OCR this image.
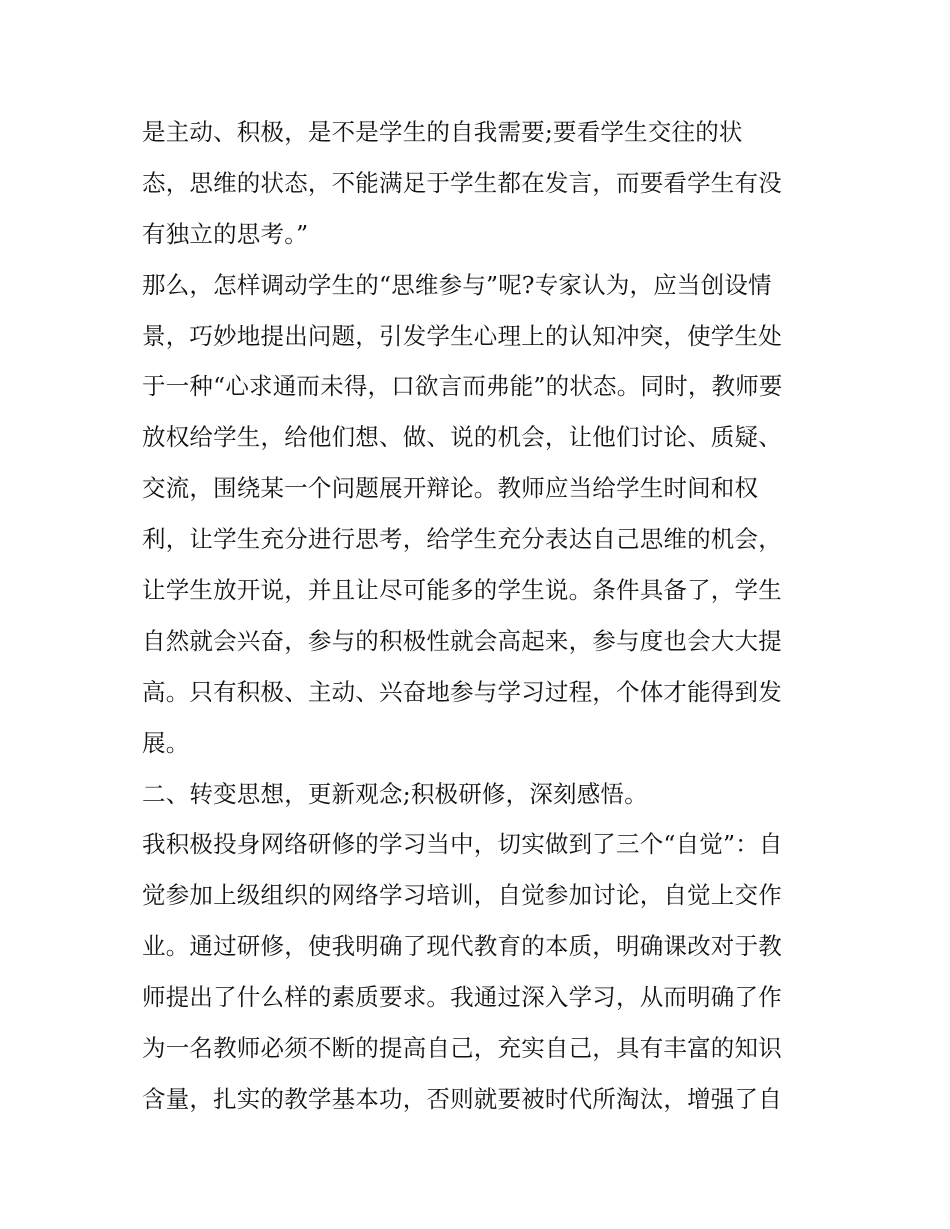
是主动、积极，是不是学生的自我需要;要看学生交往的状
态，思维的状态，不能满足于学生都在发言，而要看学生有没
有独立的思考。”
那么，怎样调动学生的“思维参与”呢?专家认为，应当创设情
景，巧妙地提出问题，引发学生心理上的认知冲突，使学生处
于一种“心求通而未得，口欲言而弗能”的状态。同时，教师要
放权给学生，给他们想、做、说的机会，让他们讨论、质疑、
交流，围绕某一个问题展开辩论。教师应当给学生时间和权
利，让学生充分进行思考，给学生充分表达自己思维的机会，
让学生放开说，并且让尽可能多的学生说。条件具备了，学生
自然就会兴奋，参与的积极性就会高起来，参与度也会大大提
高。只有积极、主动、兴奋地参与学习过程，个体才能得到发
展。
二、转变思想，更新观念;积极研修，深刻感悟。
我积极投身网络研修的学习当中，切实做到了三个“自觉”：自
觉参加上级组织的网络学习培训，自觉参加讨论，自觉上交作
业。通过研修，使我明确了现代教育的本质，明确课改对于教
师提出了什么样的素质要求。我通过深入学习，从而明确了作
为一名教师必须不断的提高自己，充实自己，具有丰富的知识
含量，扎实的教学基本功，否则就要被时代所淘汰，增强了自
